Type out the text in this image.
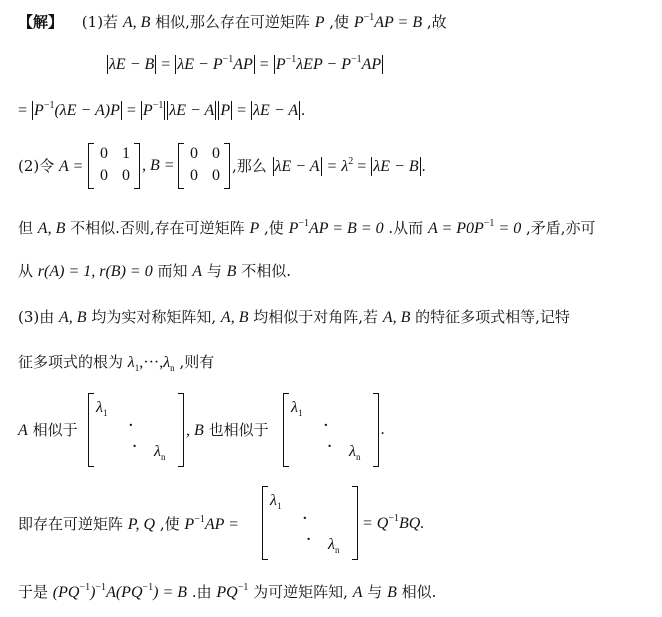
【解】 (1)若 A, B 相似,那么存在可逆矩阵 P ,使 $P^{-1}AP = B$ ,故
$\lambda E - B = \lambda E - P^{-1}AP = P^{-1}\lambda EP - P^{-1}AP$
= $P^{-1}(\lambda E - A)P = P^{-1}$ λE − A P = λE − A .
(2)令 A =
0 1
0 0
, B =
0 0
0 0
,那么 $\lambda E - A = \lambda^2 = \lambda E - B$ .
但 A, B 不相似.否则,存在可逆矩阵 P ,使 $P^{-1}AP = B = 0$ .从而 $A = P0P^{-1} = 0$ ,矛盾,亦可
从 r(A) = 1, r(B) = 0 而知 A 与 B 不相似.
(3)由 A, B 均为实对称矩阵知, A, B 均相似于对角阵,若 A, B 的特征多项式相等,记特
征多项式的根为 $\lambda_1,\cdot\cdot\cdot,\lambda_n$ ,则有
A 相似于
$\lambda_1$
·
· $\lambda_n$
, B 也相似于
$\lambda_1$
·
· $\lambda_n$
.
即存在可逆矩阵 P, Q ,使 $P^{-1}AP$ =
$\lambda_1$
·
· $\lambda_n$
= $Q^{-1}BQ$.
于是 $(PQ^{-1})^{-1}A(PQ^{-1}) = B$ .由 $PQ^{-1}$ 为可逆矩阵知, A 与 B 相似.
